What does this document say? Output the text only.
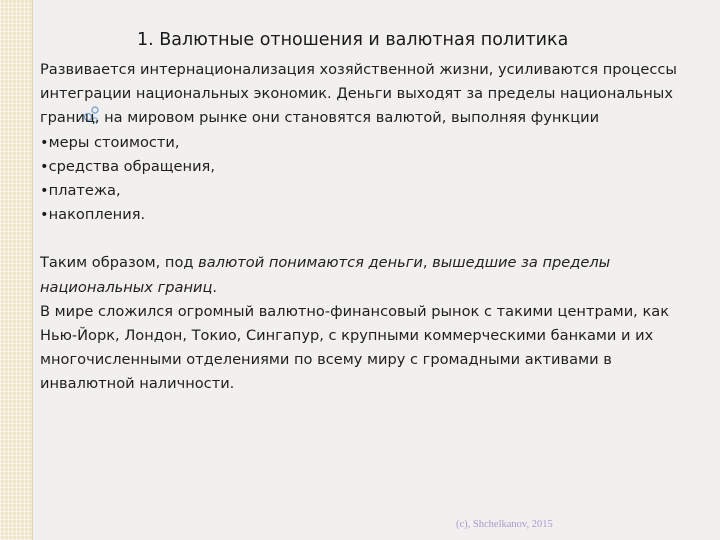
1. Валютные отношения и валютная политика

Развивается интернационализация хозяйственной жизни, усиливаются процессы интеграции национальных экономик. Деньги выходят за пределы национальных границ, на мировом рынке они становятся валютой, выполняя функции

• меры стоимости,
• средства обращения,
• платежа,
• накопления.

Таким образом, под валютой понимаются деньги, вышедшие за пределы национальных границ.

В мире сложился огромный валютно-финансовый рынок с такими центрами, как Нью-Йорк, Лондон, Токио, Сингапур, с крупными коммерческими банками и их многочисленными отделениями по всему миру с громадными активами в инвалютной наличности.

(c), Shchelkanov, 2015
